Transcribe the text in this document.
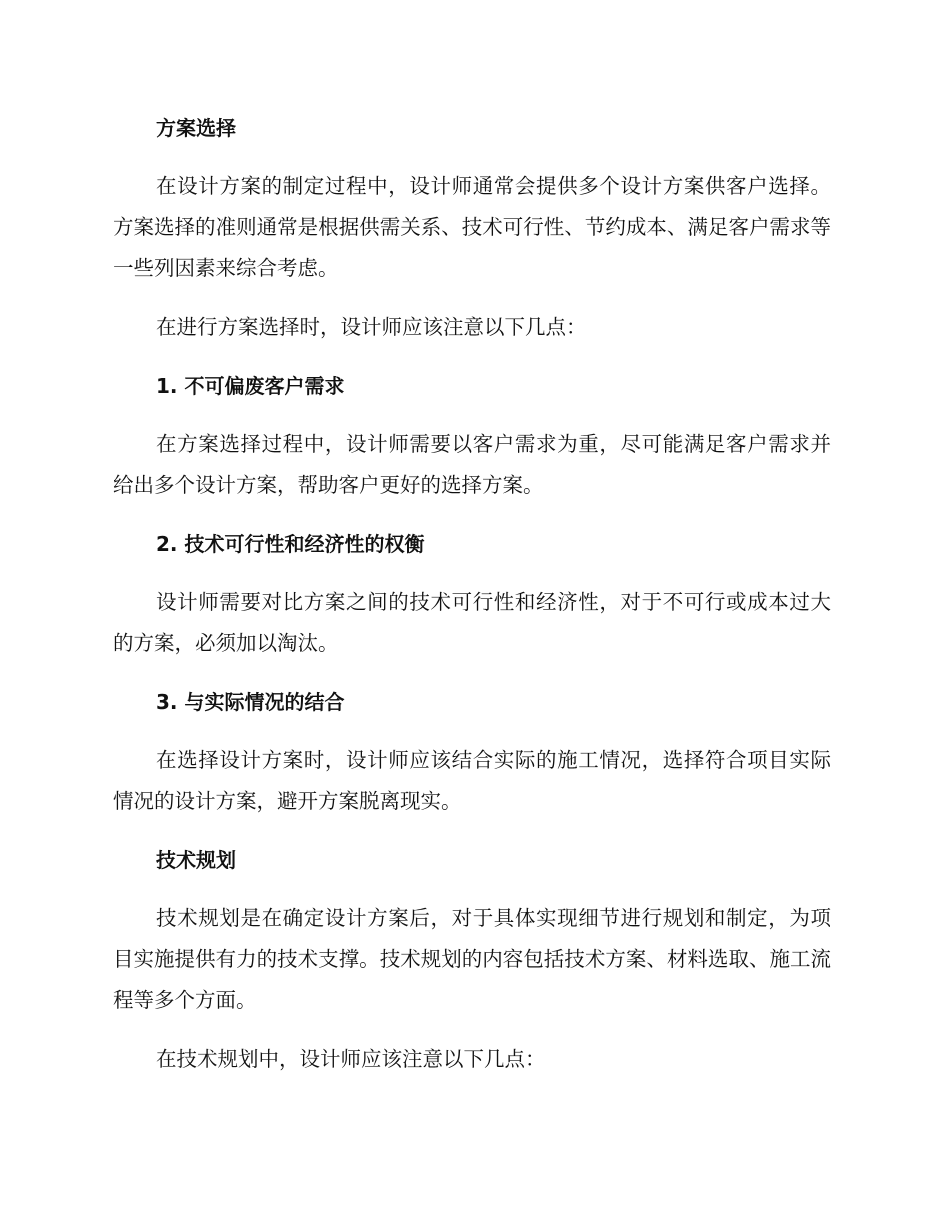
方案选择

在设计方案的制定过程中，设计师通常会提供多个设计方案供客户选择。方案选择的准则通常是根据供需关系、技术可行性、节约成本、满足客户需求等一些列因素来综合考虑。

在进行方案选择时，设计师应该注意以下几点：

1. 不可偏废客户需求

在方案选择过程中，设计师需要以客户需求为重，尽可能满足客户需求并给出多个设计方案，帮助客户更好的选择方案。

2. 技术可行性和经济性的权衡

设计师需要对比方案之间的技术可行性和经济性，对于不可行或成本过大的方案，必须加以淘汰。

3. 与实际情况的结合

在选择设计方案时，设计师应该结合实际的施工情况，选择符合项目实际情况的设计方案，避开方案脱离现实。

技术规划

技术规划是在确定设计方案后，对于具体实现细节进行规划和制定，为项目实施提供有力的技术支撑。技术规划的内容包括技术方案、材料选取、施工流程等多个方面。

在技术规划中，设计师应该注意以下几点：
